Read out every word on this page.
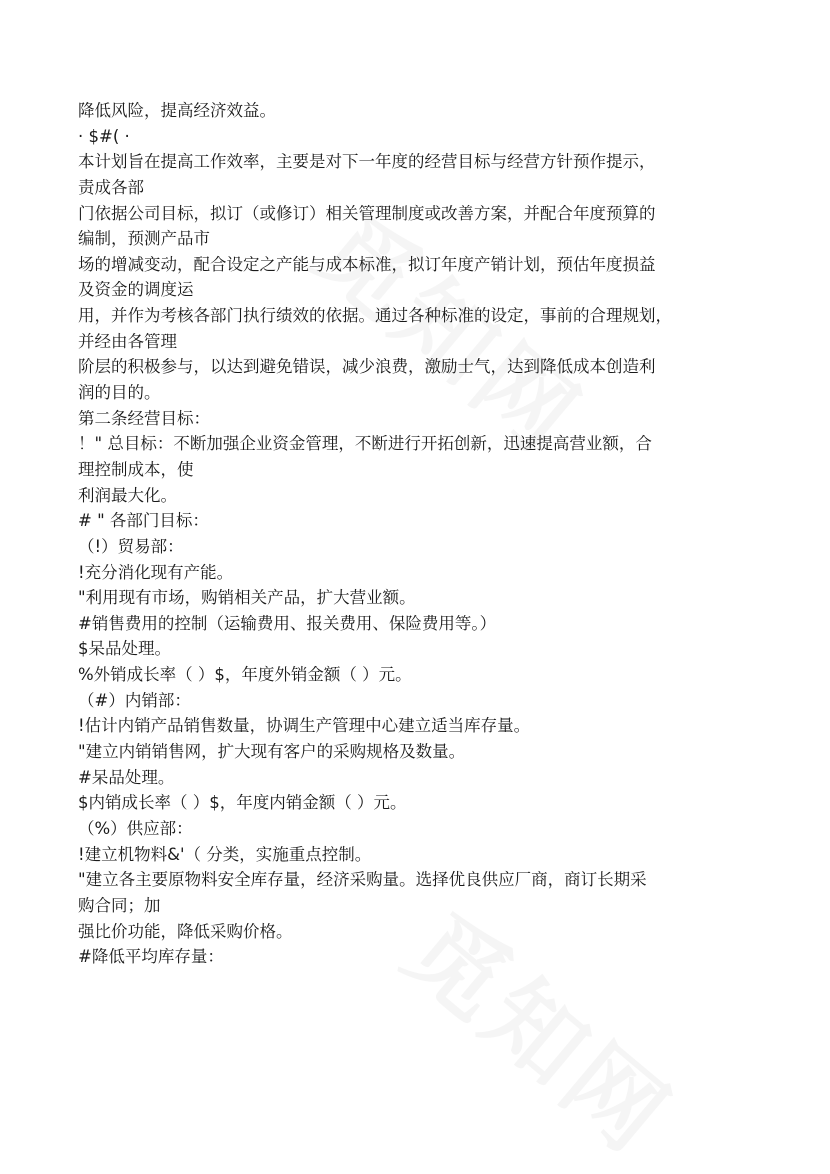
降低风险，提高经济效益。
· $#( ·
本计划旨在提高工作效率，主要是对下一年度的经营目标与经营方针预作提示，
责成各部
门依据公司目标，拟订（或修订）相关管理制度或改善方案，并配合年度预算的
编制，预测产品市
场的增减变动，配合设定之产能与成本标准，拟订年度产销计划，预估年度损益
及资金的调度运
用，并作为考核各部门执行绩效的依据。通过各种标准的设定，事前的合理规划，
并经由各管理
阶层的积极参与，以达到避免错误，减少浪费，激励士气，达到降低成本创造利
润的目的。
第二条经营目标：
！" 总目标：不断加强企业资金管理，不断进行开拓创新，迅速提高营业额，合
理控制成本，使
利润最大化。
# " 各部门目标：
（!）贸易部：
!充分消化现有产能。
"利用现有市场，购销相关产品，扩大营业额。
#销售费用的控制（运输费用、报关费用、保险费用等。）
$呆品处理。
%外销成长率（ ）$，年度外销金额（ ）元。
（#）内销部：
!估计内销产品销售数量，协调生产管理中心建立适当库存量。
"建立内销销售网，扩大现有客户的采购规格及数量。
#呆品处理。
$内销成长率（ ）$，年度内销金额（ ）元。
（%）供应部：
!建立机物料&'（ 分类，实施重点控制。
"建立各主要原物料安全库存量，经济采购量。选择优良供应厂商，商订长期采
购合同；加
强比价功能，降低采购价格。
#降低平均库存量：
